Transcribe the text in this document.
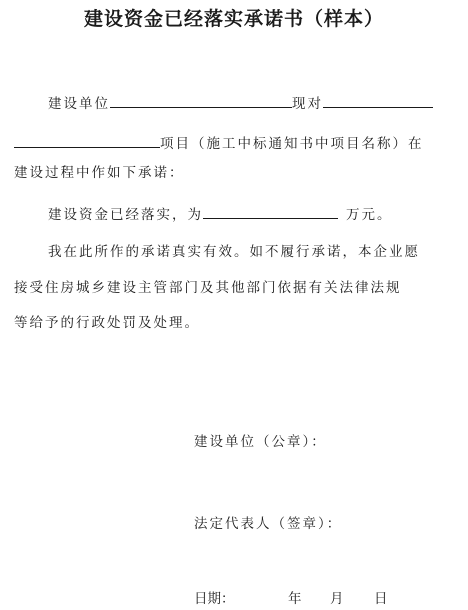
建设资金已经落实承诺书（样本）
建设单位	现对
项目（施工中标通知书中项目名称）在
建设过程中作如下承诺：
建设资金已经落实，为	万元。
我在此所作的承诺真实有效。如不履行承诺，本企业愿
接受住房城乡建设主管部门及其他部门依据有关法律法规
等给予的行政处罚及处理。
建设单位（公章）：
法定代表人（签章）：
日期：	年 月 日
